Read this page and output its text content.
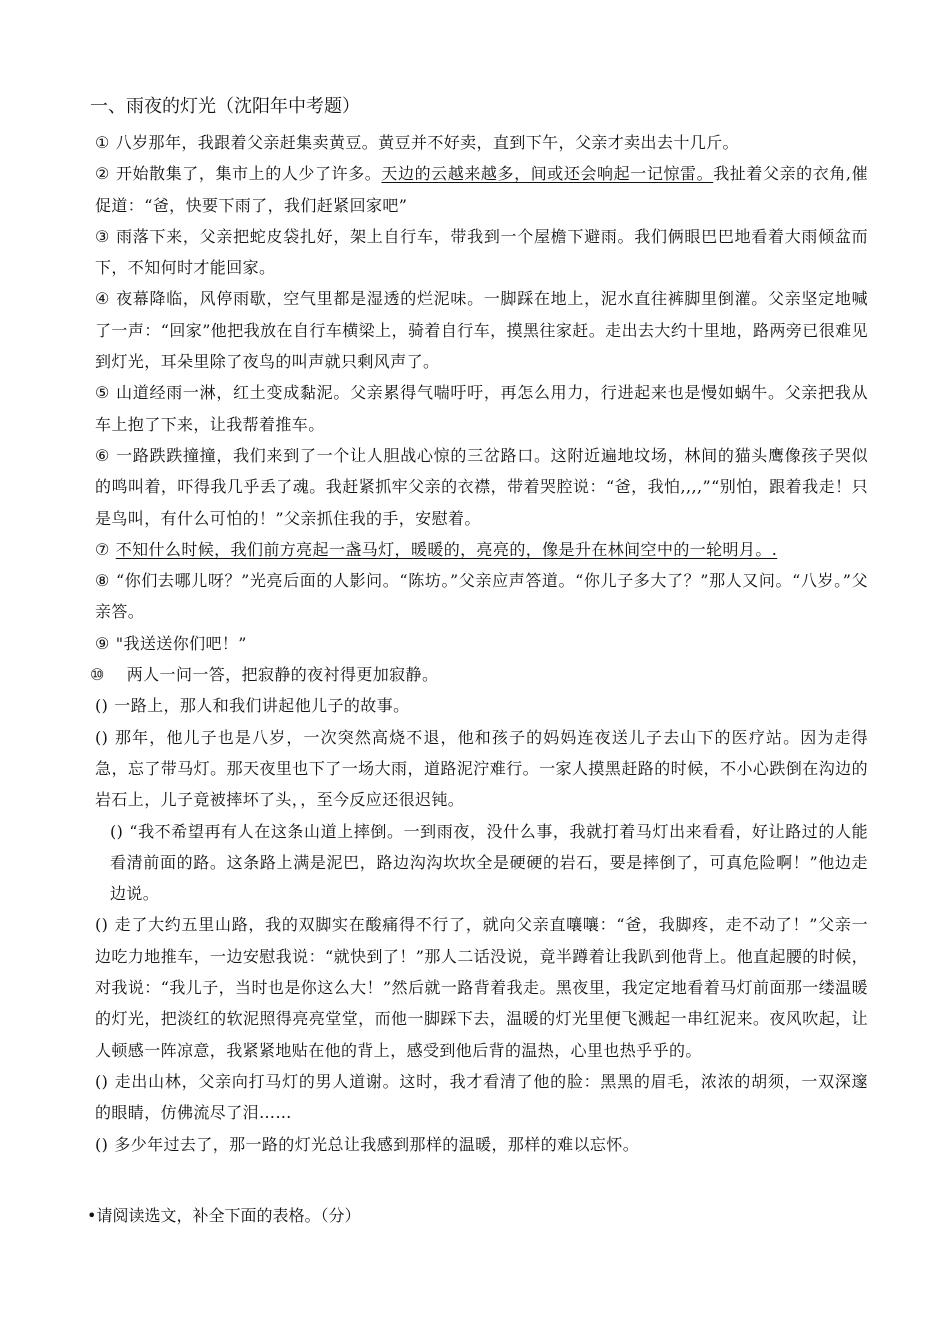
一、雨夜的灯光（沈阳年中考题）

① 八岁那年，我跟着父亲赶集卖黄豆。黄豆并不好卖，直到下午，父亲才卖出去十几斤。

② 开始散集了，集市上的人少了许多。天边的云越来越多，间或还会响起一记惊雷。我扯着父亲的衣角,催促道：“爸，快要下雨了，我们赶紧回家吧”

③ 雨落下来，父亲把蛇皮袋扎好，架上自行车，带我到一个屋檐下避雨。我们俩眼巴巴地看着大雨倾盆而下，不知何时才能回家。

④ 夜幕降临，风停雨歇，空气里都是湿透的烂泥味。一脚踩在地上，泥水直往裤脚里倒灌。父亲坚定地喊了一声：“回家”他把我放在自行车横梁上，骑着自行车，摸黑往家赶。走出去大约十里地，路两旁已很难见到灯光，耳朵里除了夜鸟的叫声就只剩风声了。

⑤ 山道经雨一淋，红土变成黏泥。父亲累得气喘吁吁，再怎么用力，行进起来也是慢如蜗牛。父亲把我从车上抱了下来，让我帮着推车。

⑥ 一路跌跌撞撞，我们来到了一个让人胆战心惊的三岔路口。这附近遍地坟场，林间的猫头鹰像孩子哭似的鸣叫着，吓得我几乎丢了魂。我赶紧抓牢父亲的衣襟，带着哭腔说：“爸，我怕,,,,”“别怕，跟着我走！只是鸟叫，有什么可怕的！”父亲抓住我的手，安慰着。

⑦ 不知什么时候，我们前方亮起一盏马灯，暖暖的，亮亮的，像是升在林间空中的一轮明月。.

⑧ “你们去哪儿呀？”光亮后面的人影问。“陈坊。”父亲应声答道。“你儿子多大了？”那人又问。“八岁。”父亲答。

⑨ "我送送你们吧！”

⑩ 两人一问一答，把寂静的夜衬得更加寂静。

() 一路上，那人和我们讲起他儿子的故事。

() 那年，他儿子也是八岁，一次突然高烧不退，他和孩子的妈妈连夜送儿子去山下的医疗站。因为走得急，忘了带马灯。那天夜里也下了一场大雨，道路泥泞难行。一家人摸黑赶路的时候，不小心跌倒在沟边的岩石上，儿子竟被摔坏了头，，至今反应还很迟钝。

() “我不希望再有人在这条山道上摔倒。一到雨夜，没什么事，我就打着马灯出来看看，好让路过的人能看清前面的路。这条路上满是泥巴，路边沟沟坎坎全是硬硬的岩石，要是摔倒了，可真危险啊！”他边走边说。

() 走了大约五里山路，我的双脚实在酸痛得不行了，就向父亲直嚷嚷：“爸，我脚疼，走不动了！”父亲一边吃力地推车，一边安慰我说：“就快到了！”那人二话没说，竟半蹲着让我趴到他背上。他直起腰的时候，对我说：“我儿子，当时也是你这么大！”然后就一路背着我走。黑夜里，我定定地看着马灯前面那一缕温暖的灯光，把淡红的软泥照得亮亮堂堂，而他一脚踩下去，温暖的灯光里便飞溅起一串红泥来。夜风吹起，让人顿感一阵凉意，我紧紧地贴在他的背上，感受到他后背的温热，心里也热乎乎的。

() 走出山林，父亲向打马灯的男人道谢。这时，我才看清了他的脸：黑黑的眉毛，浓浓的胡须，一双深邃的眼睛，仿佛流尽了泪……

() 多少年过去了，那一路的灯光总让我感到那样的温暖，那样的难以忘怀。

•请阅读选文，补全下面的表格。（分）
